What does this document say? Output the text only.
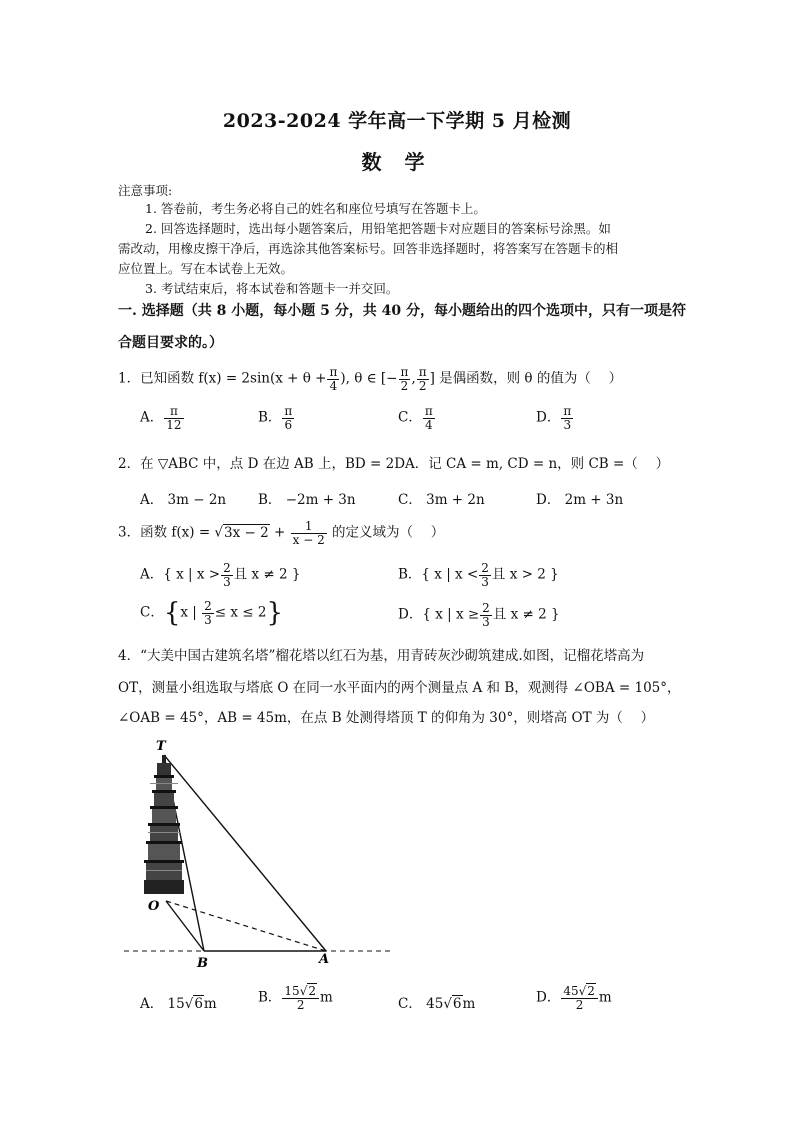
2023-2024 学年高一下学期 5 月检测
数 学
注意事项:
1. 答卷前，考生务必将自己的姓名和座位号填写在答题卡上。
2. 回答选择题时，选出每小题答案后，用铅笔把答题卡对应题目的答案标号涂黑。如
需改动，用橡皮擦干净后，再选涂其他答案标号。回答非选择题时，将答案写在答题卡的相
应位置上。写在本试卷上无效。
3. 考试结束后，将本试卷和答题卡一并交回。
一. 选择题（共 8 小题，每小题 5 分，共 40 分，每小题给出的四个选项中，只有一项是符
合题目要求的。）
1．已知函数 $f(x) = 2\sin(x + \theta + \frac{\pi}{4}$ ), θ ∈ [− $\frac{\pi}{2}$ , $\frac{\pi}{2}$ ] 是偶函数，则 θ 的值为（　 ）
A． $\frac{\pi}{12}$	B． $\frac{\pi}{6}$	C． $\frac{\pi}{4}$	D． $\frac{\pi}{3}$
2．在 ▽ABC 中，点 D 在边 AB 上，BD = 2DA．记 CA = m, CD = n，则 CB =（　 ）
A． 3m − 2n B． −2m + 3n	C． 3m + 2n	D． 2m + 3n
3．函数 $f(x) = √3x - 2 + \frac{1}{x - 2}$ 的定义域为（　 ）
A．{ x | $x > \frac{2}{3}$ 且 x ≠ 2 }	B．{ x | $x < \frac{2}{3}$ 且 x > 2 }
C．{x | $\frac{2}{3} \le x \le 2$}	D．{ x | $x \ge \frac{2}{3}$ 且 x ≠ 2 }
4．“大美中国古建筑名塔”榴花塔以红石为基，用青砖灰沙砌筑建成.如图，记榴花塔高为
OT，测量小组选取与塔底 O 在同一水平面内的两个测量点 A 和 B，观测得 ∠OBA = 105°，
∠OAB = 45°，AB = 45m，在点 B 处测得塔顶 T 的仰角为 30°，则塔高 OT 为（　 ）
T
O
B	A
A． 15√6m	B． $\frac{15√2}{2}$ m	C． 45√6m	D． $\frac{45√2}{2}$ m
